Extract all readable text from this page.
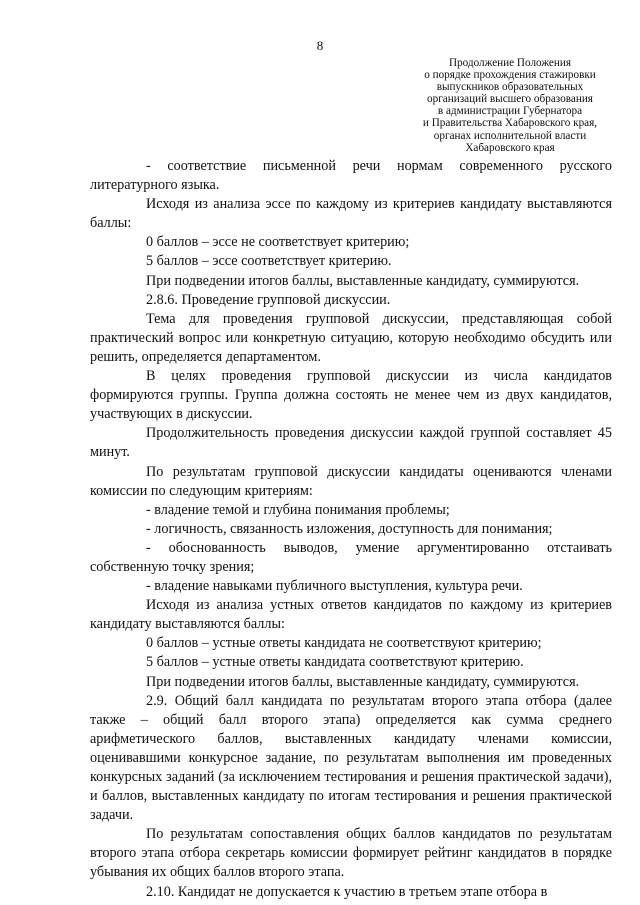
8
Продолжение Положения
о порядке прохождения стажировки
выпускников образовательных
организаций высшего образования
в администрации Губернатора
и Правительства Хабаровского края,
органах исполнительной власти
Хабаровского края

- соответствие письменной речи нормам современного русского литературного языка.

Исходя из анализа эссе по каждому из критериев кандидату выставляются баллы:

0 баллов – эссе не соответствует критерию;

5 баллов – эссе соответствует критерию.

При подведении итогов баллы, выставленные кандидату, суммируются.

2.8.6. Проведение групповой дискуссии.

Тема для проведения групповой дискуссии, представляющая собой практический вопрос или конкретную ситуацию, которую необходимо обсудить или решить, определяется департаментом.

В целях проведения групповой дискуссии из числа кандидатов формируются группы. Группа должна состоять не менее чем из двух кандидатов, участвующих в дискуссии.

Продолжительность проведения дискуссии каждой группой составляет 45 минут.

По результатам групповой дискуссии кандидаты оцениваются членами комиссии по следующим критериям:

- владение темой и глубина понимания проблемы;

- логичность, связанность изложения, доступность для понимания;

- обоснованность выводов, умение аргументированно отстаивать собственную точку зрения;

- владение навыками публичного выступления, культура речи.

Исходя из анализа устных ответов кандидатов по каждому из критериев кандидату выставляются баллы:

0 баллов – устные ответы кандидата не соответствуют критерию;

5 баллов – устные ответы кандидата соответствуют критерию.

При подведении итогов баллы, выставленные кандидату, суммируются.

2.9. Общий балл кандидата по результатам второго этапа отбора (далее также – общий балл второго этапа) определяется как сумма среднего арифметического баллов, выставленных кандидату членами комиссии, оценивавшими конкурсное задание, по результатам выполнения им проведенных конкурсных заданий (за исключением тестирования и решения практической задачи), и баллов, выставленных кандидату по итогам тестирования и решения практической задачи.

По результатам сопоставления общих баллов кандидатов по результатам второго этапа отбора секретарь комиссии формирует рейтинг кандидатов в порядке убывания их общих баллов второго этапа.

2.10. Кандидат не допускается к участию в третьем этапе отбора в
